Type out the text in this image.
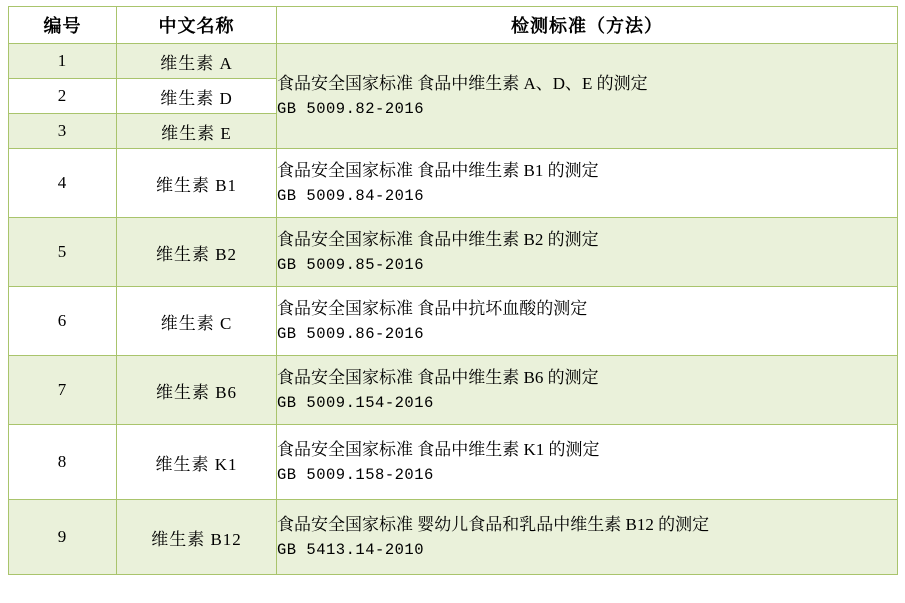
编号	中文名称	检测标准（方法）
1	维生素 A	食品安全国家标准 食品中维生素 A、D、E 的测定
GB 5009.82-2016

2	维生素 D	
3	维生素 E	
4	维生素 B1	食品安全国家标准 食品中维生素 B1 的测定
GB 5009.84-2016

5	维生素 B2	食品安全国家标准 食品中维生素 B2 的测定
GB 5009.85-2016

6	维生素 C	食品安全国家标准 食品中抗坏血酸的测定
GB 5009.86-2016

7	维生素 B6	食品安全国家标准 食品中维生素 B6 的测定
GB 5009.154-2016

8	维生素 K1	食品安全国家标准 食品中维生素 K1 的测定
GB 5009.158-2016

9	维生素 B12	食品安全国家标准 婴幼儿食品和乳品中维生素 B12 的测定
GB 5413.14-2010
